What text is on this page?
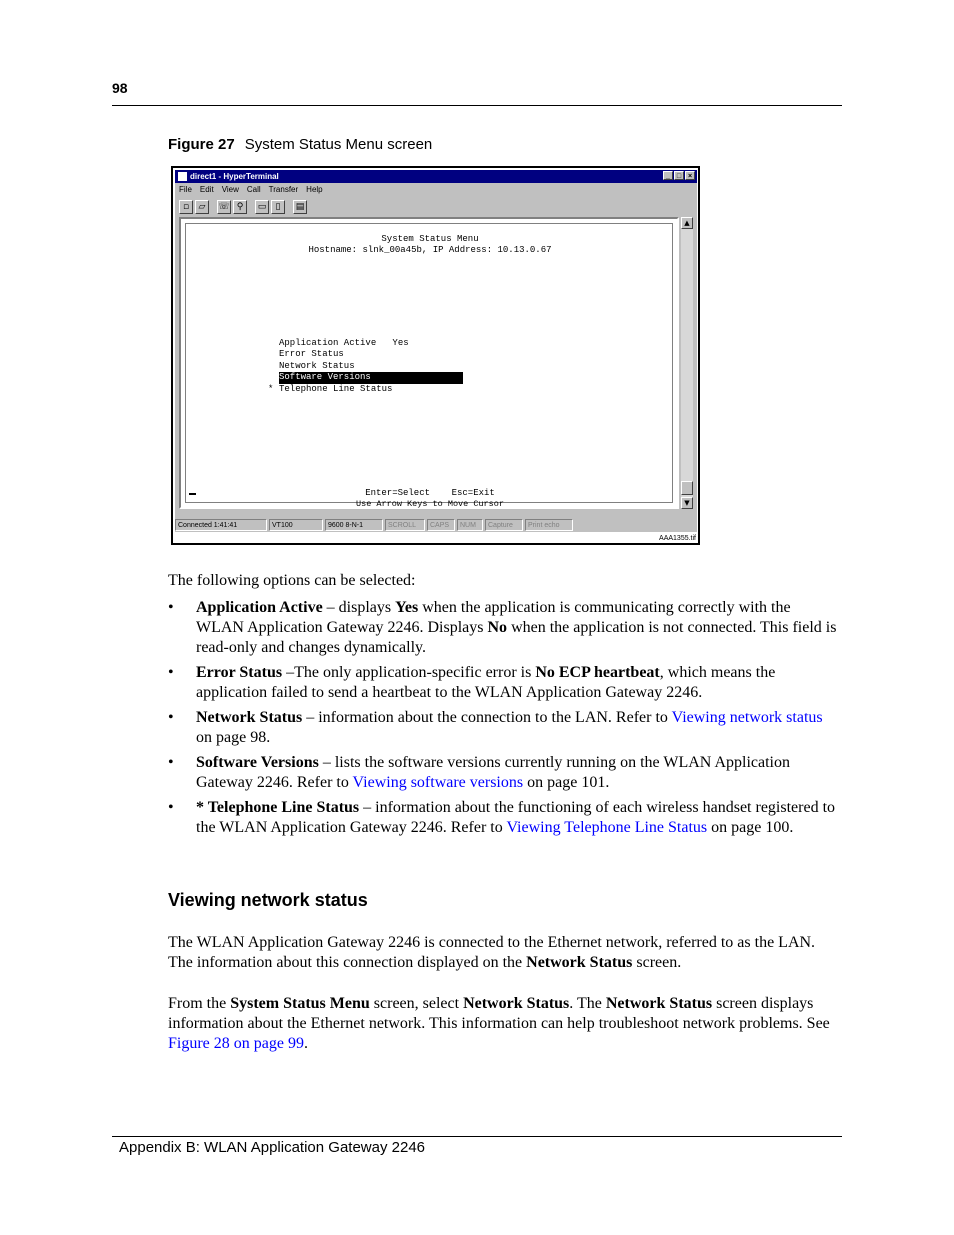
98
Figure 27 System Status Menu screen
direct1 - HyperTerminal	_ □ ×
File Edit View Call Transfer Help
▫	▱	☏ ⚲	▭	▯	▤
System Status Menu
Hostname: slnk_00a45b, IP Address: 10.13.0.67
Application Active   Yes
Error Status
Network Status
Software Versions
* Telephone Line Status
Enter=Select    Esc=Exit
Use Arrow Keys to Move Cursor
▲
▼
Connected 1:41:41	VT100	9600 8-N-1	SCROLL	CAPS	NUM	Capture	Print echo
AAA1355.tif
The following options can be selected:
• Application Active – displays Yes when the application is communicating correctly with the WLAN Application Gateway 2246. Displays No when the application is not connected. This field is read-only and changes dynamically.
• Error Status –The only application-specific error is No ECP heartbeat, which means the application failed to send a heartbeat to the WLAN Application Gateway 2246.
• Network Status – information about the connection to the LAN. Refer to Viewing network status on page 98.
• Software Versions – lists the software versions currently running on the WLAN Application Gateway 2246. Refer to Viewing software versions on page 101.
• * Telephone Line Status – information about the functioning of each wireless handset registered to the WLAN Application Gateway 2246. Refer to Viewing Telephone Line Status on page 100.
Viewing network status
The WLAN Application Gateway 2246 is connected to the Ethernet network, referred to as the LAN. The information about this connection displayed on the Network Status screen.
From the System Status Menu screen, select Network Status. The Network Status screen displays information about the Ethernet network. This information can help troubleshoot network problems. See Figure 28 on page 99.
Appendix B: WLAN Application Gateway 2246
